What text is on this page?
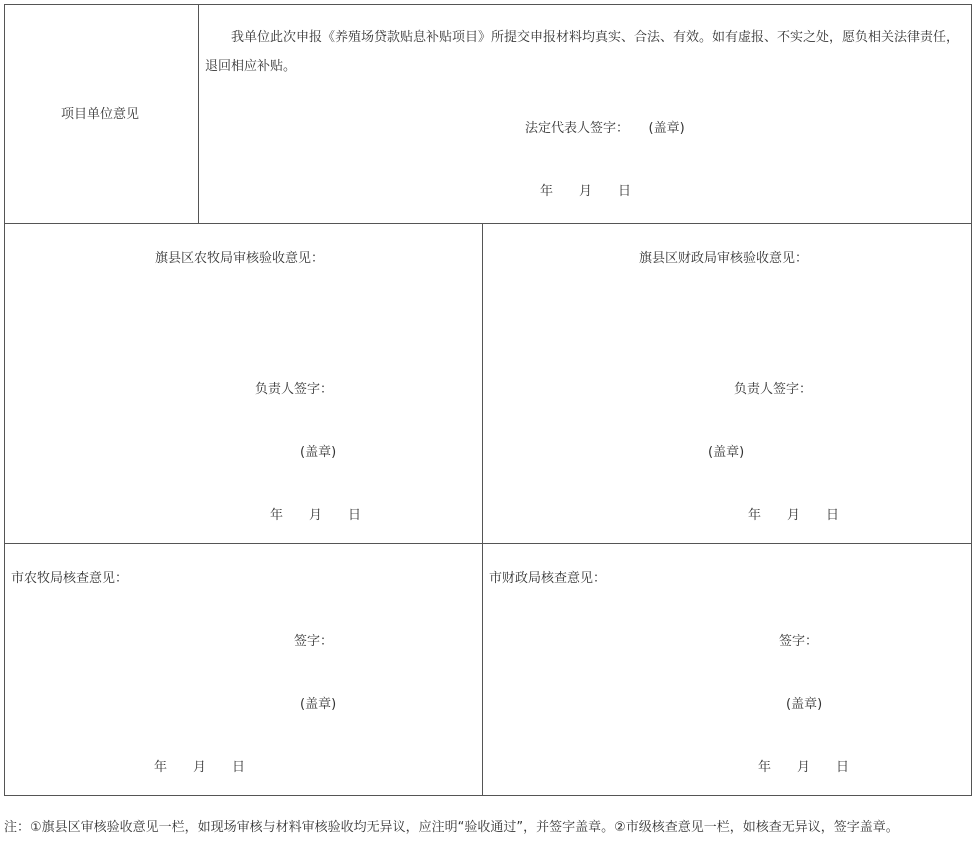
项目单位意见
我单位此次申报《养殖场贷款贴息补贴项目》所提交申报材料均真实、合法、有效。如有虚报、不实之处，愿负相关法律责任，退回相应补贴。
法定代表人签字：　　(盖章)
年　　月　　日
旗县区农牧局审核验收意见：
负责人签字：
(盖章)
年　　月　　日
旗县区财政局审核验收意见：
负责人签字：
(盖章)
年　　月　　日
市农牧局核查意见：
签字：
(盖章)
年　　月　　日
市财政局核查意见：
签字：
(盖章)
年　　月　　日
注：①旗县区审核验收意见一栏，如现场审核与材料审核验收均无异议，应注明“验收通过”，并签字盖章。②市级核查意见一栏，如核查无异议，签字盖章。
